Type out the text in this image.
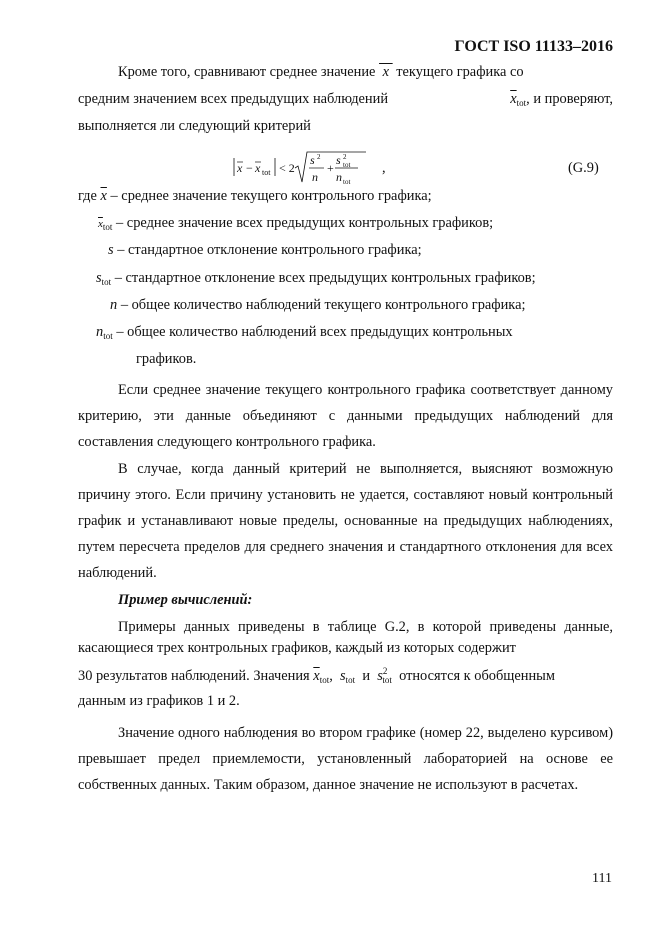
ГОСТ ISO 11133–2016
Кроме того, сравнивают среднее значение  x  текущего графика со
средним значением всех предыдущих наблюдений	$\overline{x}_{tot}$, и проверяют,
выполняется ли следующий критерий
x − x tot < 2
s 2
n
+
s 2
tot
n tot
,	(G.9)
где $\overline{x}$ – среднее значение текущего контрольного графика;
$\overline{x}_{tot}$ – среднее значение всех предыдущих контрольных графиков;
s – стандартное отклонение контрольного графика;
$s_{tot}$ – стандартное отклонение всех предыдущих контрольных графиков;
n – общее количество наблюдений текущего контрольного графика;
$n_{tot}$ – общее количество наблюдений всех предыдущих контрольных
графиков.
Если среднее значение текущего контрольного графика соответствует данному критерию, эти данные объединяют с данными предыдущих наблюдений для составления следующего контрольного графика.
В случае, когда данный критерий не выполняется, выясняют возможную причину этого. Если причину установить не удается, составляют новый контрольный график и устанавливают новые пределы, основанные на предыдущих наблюдениях, путем пересчета пределов для среднего значения и стандартного отклонения для всех наблюдений.
Пример вычислений:
Примеры данных приведены в таблице G.2, в которой приведены данные,
касающиеся трех контрольных графиков, каждый из которых содержит
30 результатов наблюдений. Значения $\overline{x}_{tot}$,  $s_{tot}$ и $s^2_{tot}$ относятся к обобщенным
данным из графиков 1 и 2.
Значение одного наблюдения во втором графике (номер 22, выделено курсивом) превышает предел приемлемости, установленный лабораторией на основе ее собственных данных. Таким образом, данное значение не используют в расчетах.
111
